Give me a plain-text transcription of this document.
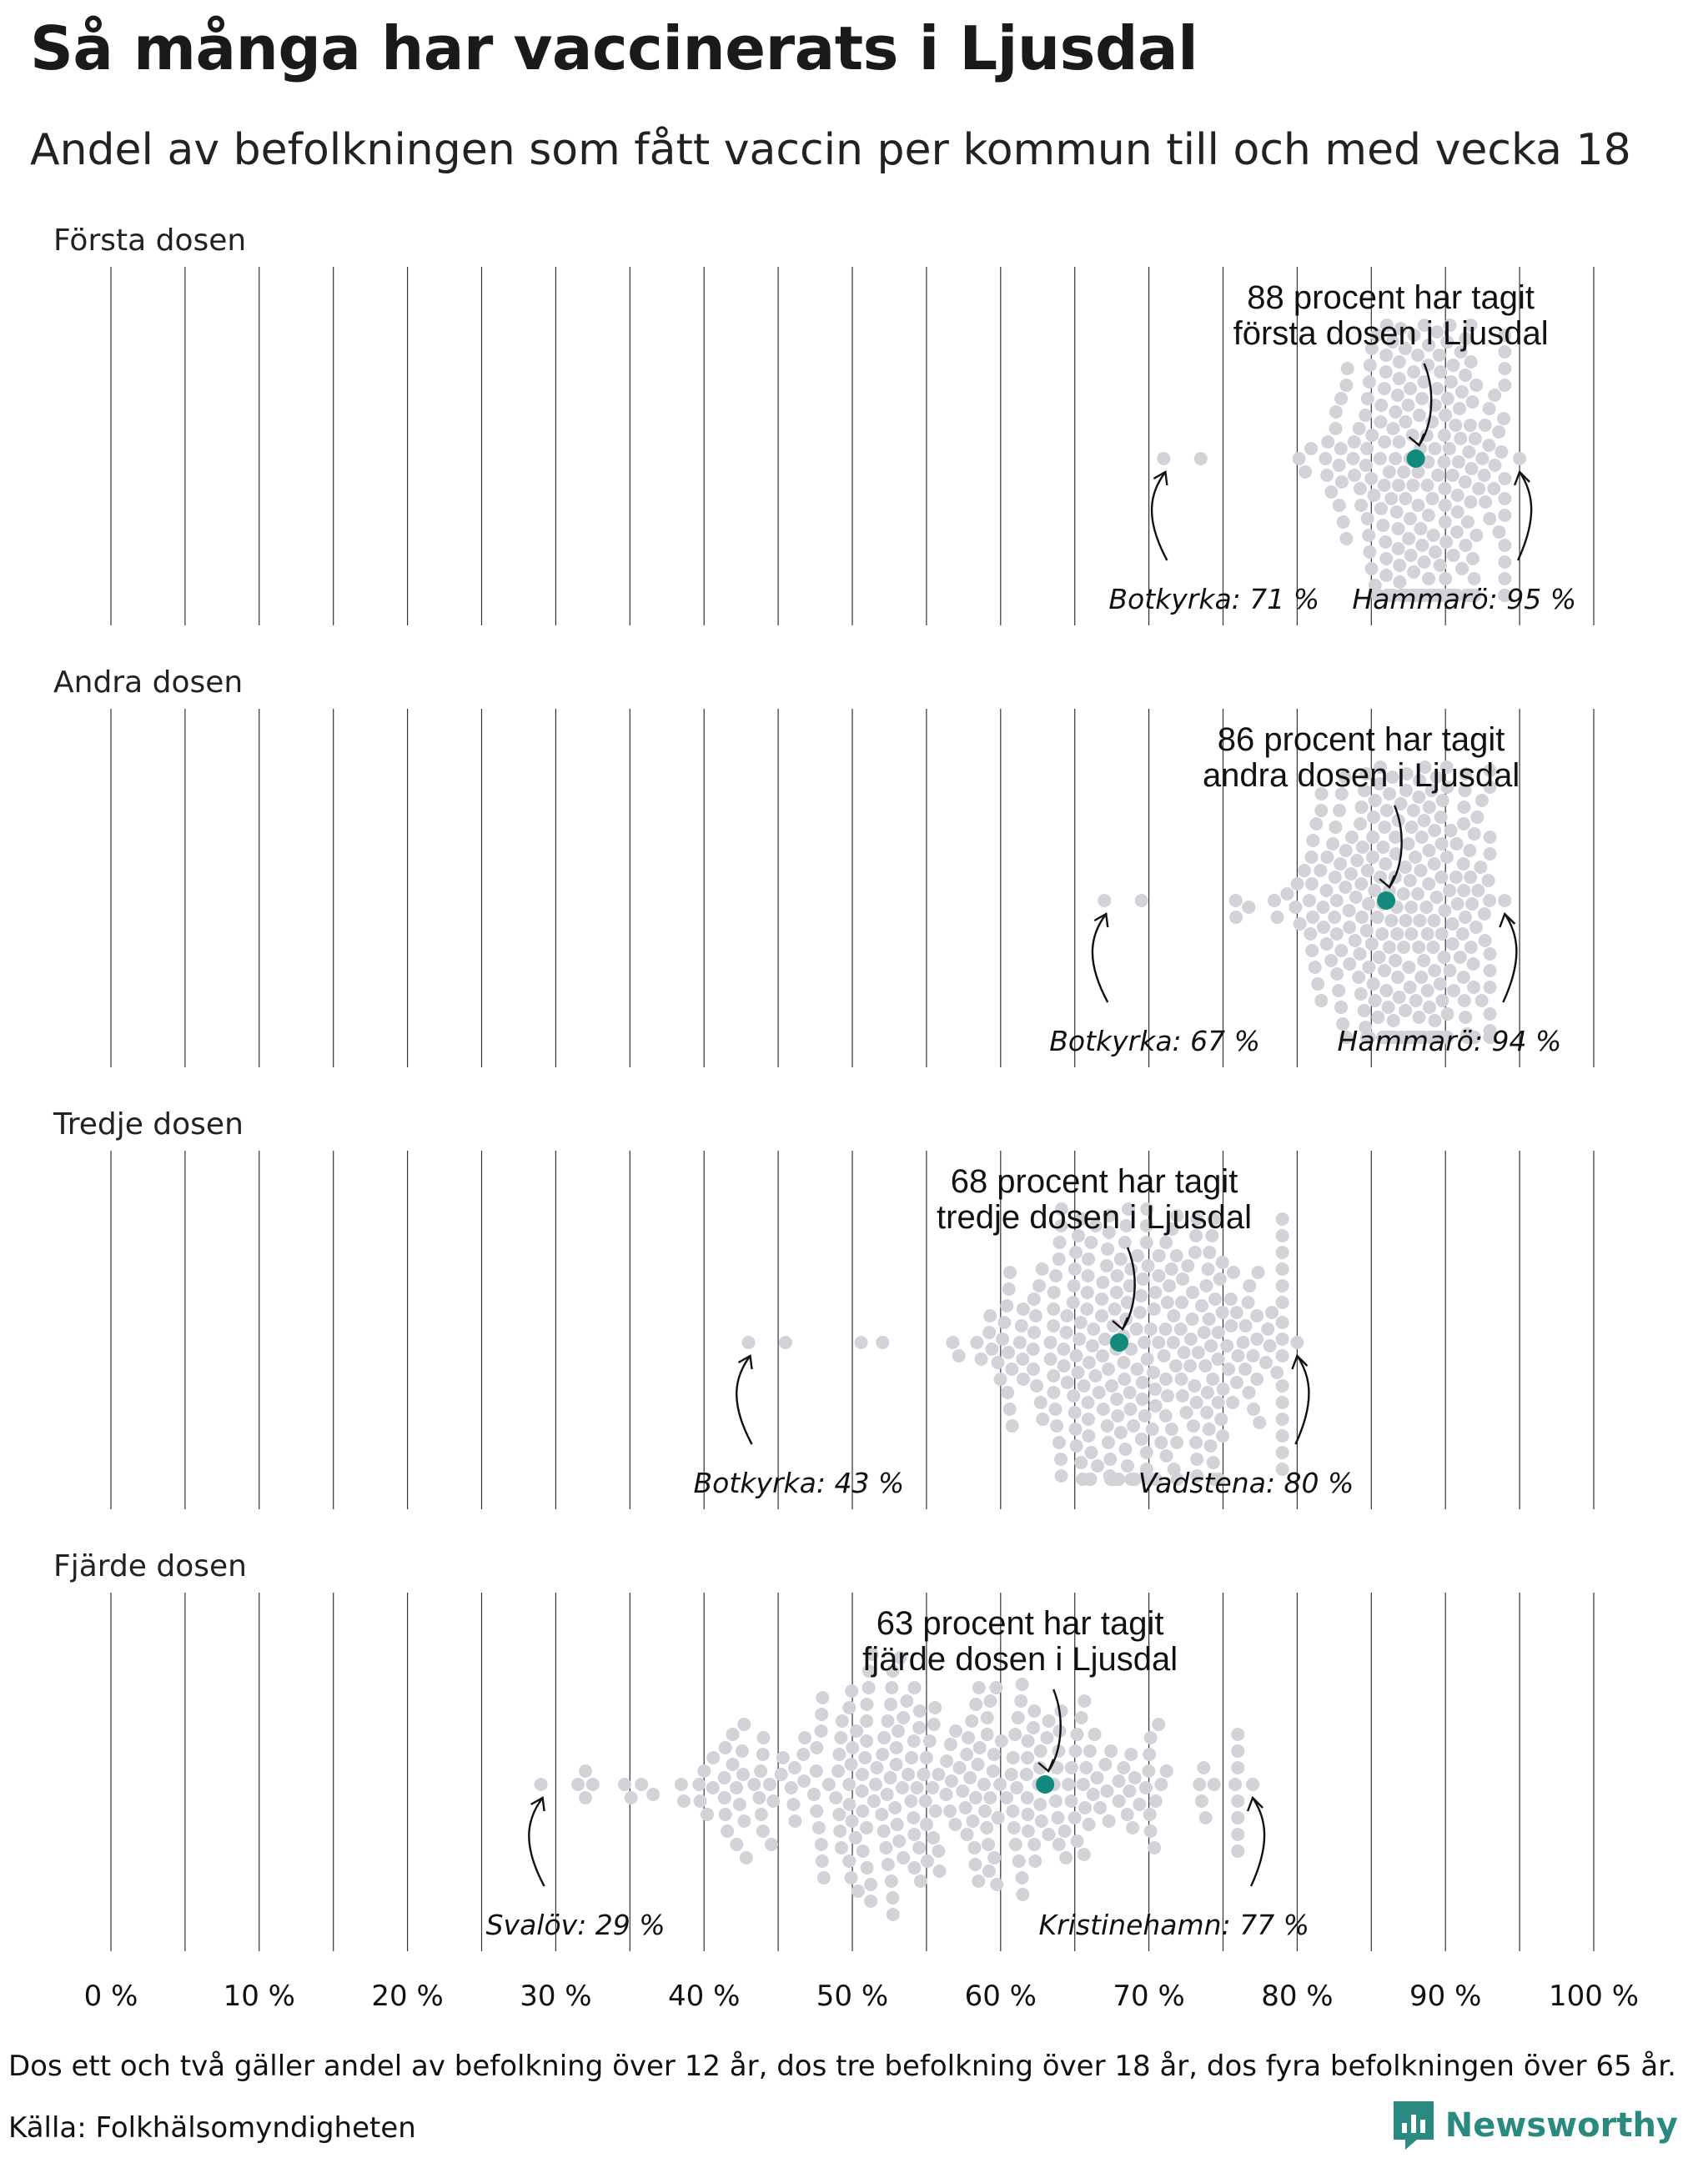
Så många har vaccinerats i Ljusdal
Andel av befolkningen som fått vaccin per kommun till och med vecka 18
Första dosen
88 procent har tagit
första dosen i Ljusdal
Botkyrka: 71 % Hammarö: 95 %
Andra dosen
86 procent har tagit
andra dosen i Ljusdal
Botkyrka: 67 %	Hammarö: 94 %
Tredje dosen
68 procent har tagit
tredje dosen i Ljusdal
Botkyrka: 43 %	Vadstena: 80 %
Fjärde dosen
63 procent har tagit
fjärde dosen i Ljusdal
Svalöv: 29 %	Kristinehamn: 77 %
0 %	10 %	20 %	30 %	40 %	50 %	60 %	70 %	80 %	90 % 100 %
Dos ett och två gäller andel av befolkning över 12 år, dos tre befolkning över 18 år, dos fyra befolkningen över 65 år.
Källa: Folkhälsomyndigheten	Newsworthy
